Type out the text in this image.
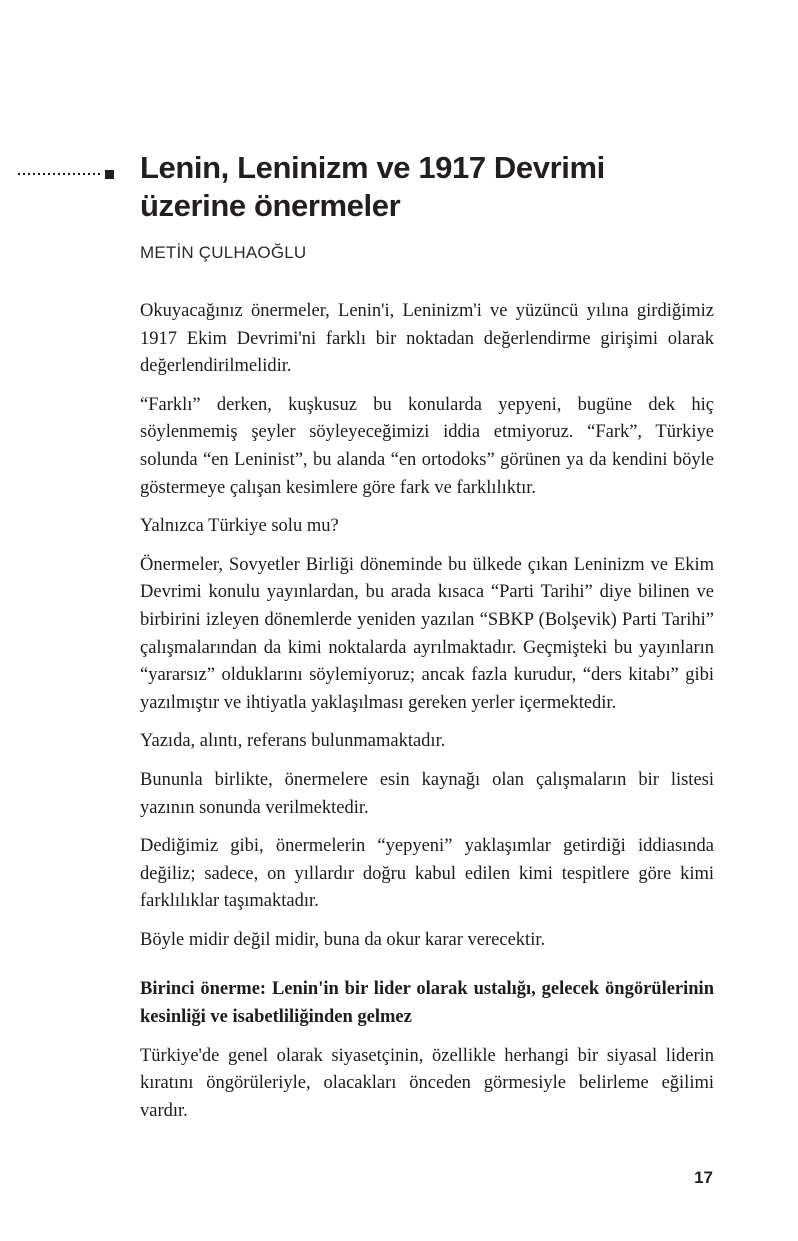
Lenin, Leninizm ve 1917 Devrimi üzerine önermeler
METİN ÇULHAOĞLU

Okuyacağınız önermeler, Lenin'i, Leninizm'i ve yüzüncü yılına girdiğimiz 1917 Ekim Devrimi'ni farklı bir noktadan değerlendirme girişimi olarak değerlendirilmelidir.

“Farklı” derken, kuşkusuz bu konularda yepyeni, bugüne dek hiç söylenmemiş şeyler söyleyeceğimizi iddia etmiyoruz. “Fark”, Türkiye solunda “en Leninist”, bu alanda “en ortodoks” görünen ya da kendini böyle göstermeye çalışan kesimlere göre fark ve farklılıktır.

Yalnızca Türkiye solu mu?

Önermeler, Sovyetler Birliği döneminde bu ülkede çıkan Leninizm ve Ekim Devrimi konulu yayınlardan, bu arada kısaca “Parti Tarihi” diye bilinen ve birbirini izleyen dönemlerde yeniden yazılan “SBKP (Bolşevik) Parti Tarihi” çalışmalarından da kimi noktalarda ayrılmaktadır. Geçmişteki bu yayınların “yararsız” olduklarını söylemiyoruz; ancak fazla kurudur, “ders kitabı” gibi yazılmıştır ve ihtiyatla yaklaşılması gereken yerler içermektedir.

Yazıda, alıntı, referans bulunmamaktadır.

Bununla birlikte, önermelere esin kaynağı olan çalışmaların bir listesi yazının sonunda verilmektedir.

Dediğimiz gibi, önermelerin “yepyeni” yaklaşımlar getirdiği iddiasında değiliz; sadece, on yıllardır doğru kabul edilen kimi tespitlere göre kimi farklılıklar taşımaktadır.

Böyle midir değil midir, buna da okur karar verecektir.

Birinci önerme: Lenin'in bir lider olarak ustalığı, gelecek öngörülerinin kesinliği ve isabetliliğinden gelmez

Türkiye'de genel olarak siyasetçinin, özellikle herhangi bir siyasal liderin kıratını öngörüleriyle, olacakları önceden görmesiyle belirleme eğilimi vardır.

17
